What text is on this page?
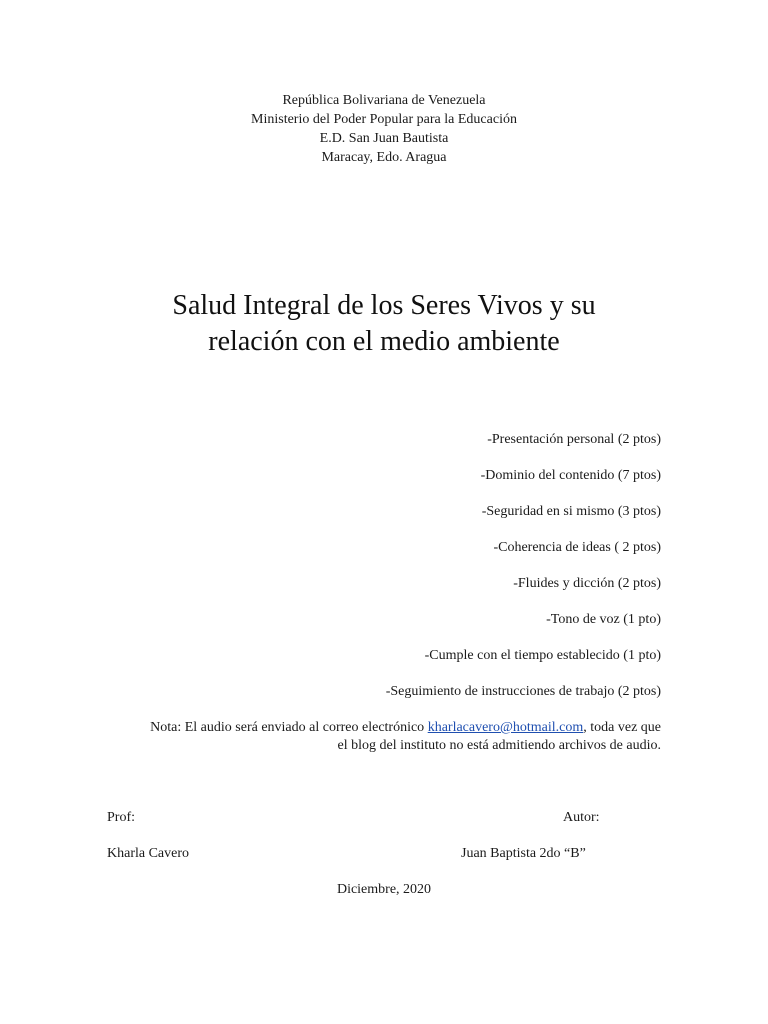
República Bolivariana de Venezuela
Ministerio del Poder Popular para la Educación
E.D. San Juan Bautista
Maracay, Edo. Aragua
Salud Integral de los Seres Vivos y su
relación con el medio ambiente
-Presentación personal (2 ptos)
-Dominio del contenido (7 ptos)
-Seguridad en si mismo (3 ptos)
-Coherencia de ideas ( 2 ptos)
-Fluides y dicción (2 ptos)
-Tono de voz (1 pto)
-Cumple con el tiempo establecido (1 pto)
-Seguimiento de instrucciones de trabajo (2 ptos)
Nota: El audio será enviado al correo electrónico kharlacavero@hotmail.com, toda vez que
el blog del instituto no está admitiendo archivos de audio.
Prof:
Kharla Cavero
Autor:
Juan Baptista 2do “B”
Diciembre, 2020
